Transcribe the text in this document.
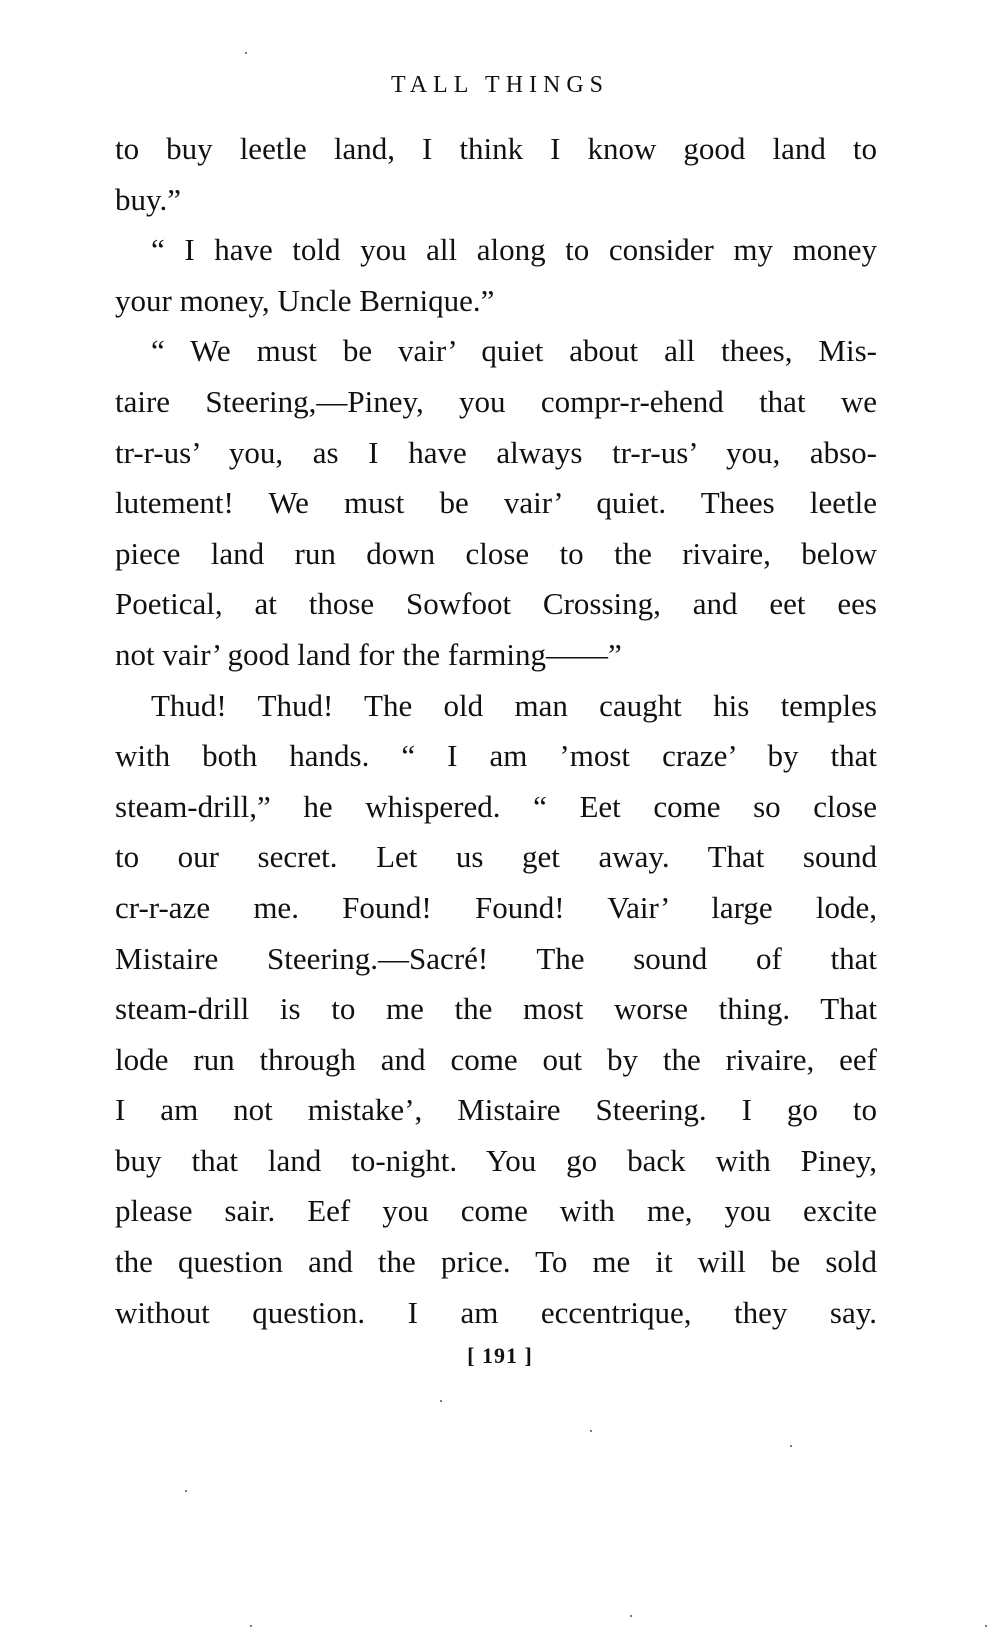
TALL THINGS
to buy leetle land, I think I know good land to
buy.”
“ I have told you all along to consider my money
your money, Uncle Bernique.”
“ We must be vair’ quiet about all thees, Mis-
taire Steering,—Piney, you compr-r-ehend that we
tr-r-us’ you, as I have always tr-r-us’ you, abso-
lutement! We must be vair’ quiet. Thees leetle
piece land run down close to the rivaire, below
Poetical, at those Sowfoot Crossing, and eet ees
not vair’ good land for the farming——”
Thud! Thud! The old man caught his temples
with both hands. “ I am ’most craze’ by that
steam-drill,” he whispered. “ Eet come so close
to our secret. Let us get away. That sound
cr-r-aze me. Found! Found! Vair’ large lode,
Mistaire Steering.—Sacré! The sound of that
steam-drill is to me the most worse thing. That
lode run through and come out by the rivaire, eef
I am not mistake’, Mistaire Steering. I go to
buy that land to-night. You go back with Piney,
please sair. Eef you come with me, you excite
the question and the price. To me it will be sold
without question. I am eccentrique, they say.
[ 191 ]
